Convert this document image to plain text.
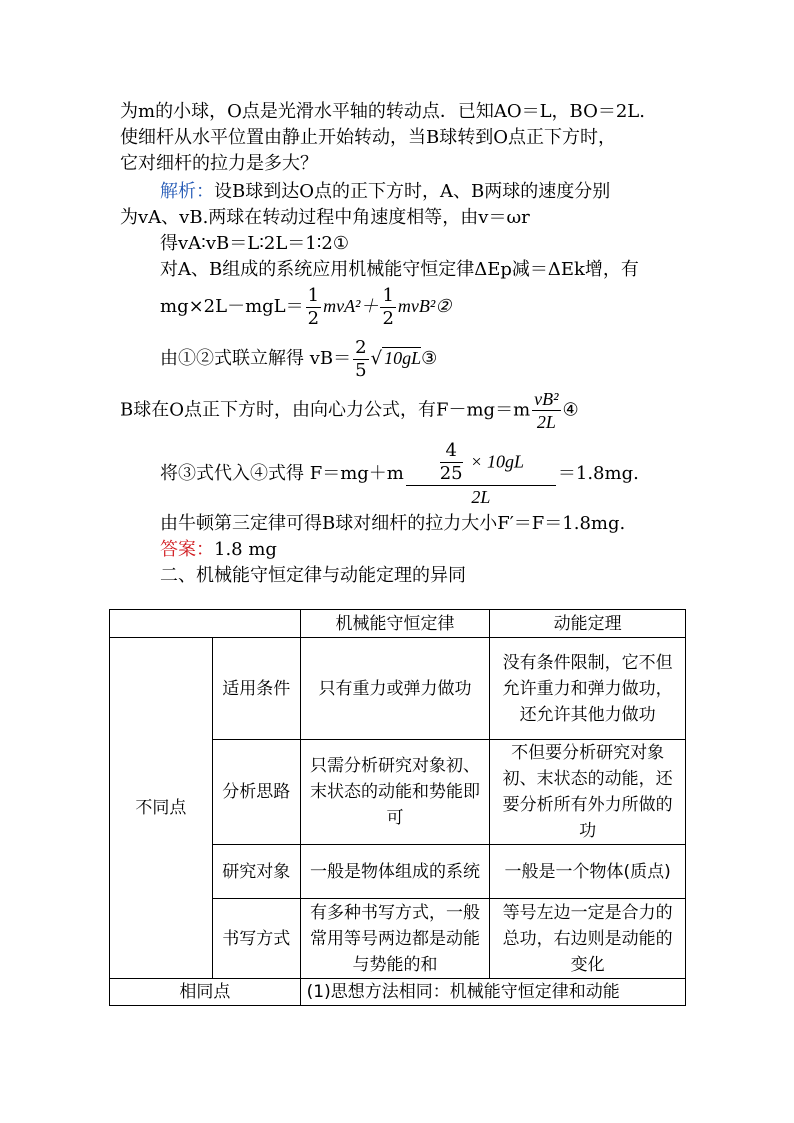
为m的小球，O点是光滑水平轴的转动点．已知AO＝L，BO＝2L.
使细杆从水平位置由静止开始转动，当B球转到O点正下方时，
它对细杆的拉力是多大？
解析：设B球到达O点的正下方时，A、B两球的速度分别
为vA、vB.两球在转动过程中角速度相等，由v＝ωr
得vA∶vB＝L∶2L＝1∶2①
对A、B组成的系统应用机械能守恒定律ΔEp减＝ΔEk增，有
$mg\times 2L-mgL= \frac{1}{2} mvA^2+ \frac{1}{2}$ mvB²②
由①②式联立解得 $vB= \frac{2}{5}$ √ 10gL③
B球在O点正下方时，由向心力公式，有$F-mg=m \frac{\text{vB²}}{2L}$ ④
将③式代入④式得 $F=mg+m \frac{\frac{4}{25} \times 10gL}{2L} =1.8mg$.
由牛顿第三定律可得B球对细杆的拉力大小F′＝F＝1.8mg.
答案：1.8 mg
二、机械能守恒定律与动能定理的异同
		机械能守恒定律	动能定理
不同点	适用条件	只有重力或弹力做功	没有条件限制，它不但允许重力和弹力做功，还允许其他力做功
	分析思路	只需分析研究对象初、末状态的动能和势能即可	不但要分析研究对象初、末状态的动能，还要分析所有外力所做的功
	研究对象	一般是物体组成的系统	一般是一个物体(质点)
	书写方式	有多种书写方式，一般常用等号两边都是动能与势能的和	等号左边一定是合力的总功，右边则是动能的变化
相同点		(1)思想方法相同：机械能守恒定律和动能	
